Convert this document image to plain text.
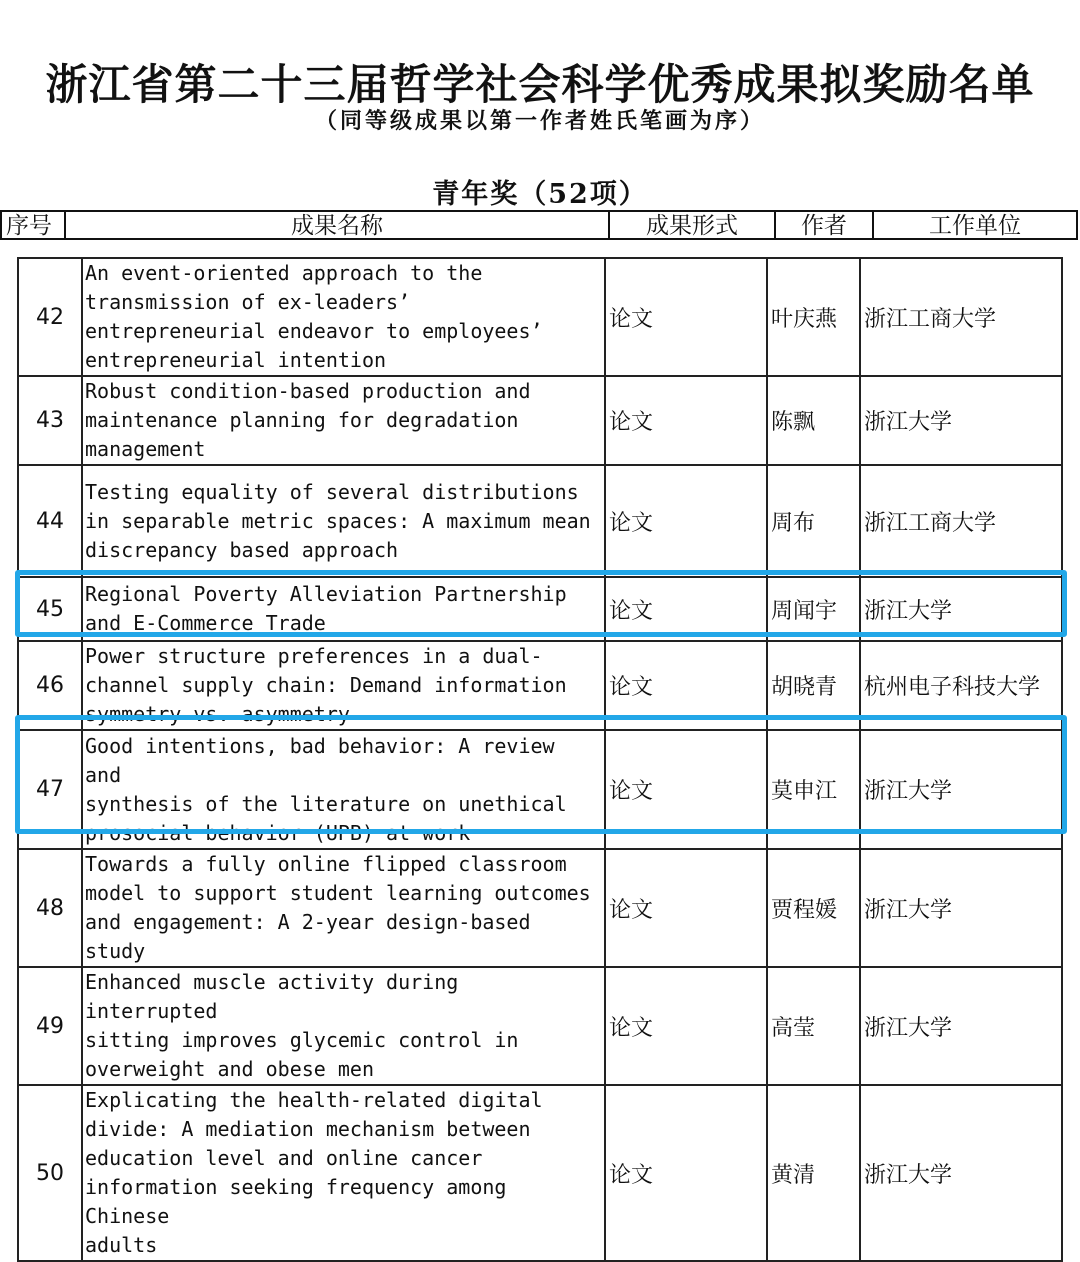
浙江省第二十三届哲学社会科学优秀成果拟奖励名单
（同等级成果以第一作者姓氏笔画为序）
青年奖（52项）
序号	成果名称	成果形式	作者	工作单位
42	An event-oriented approach to the
transmission of ex-leaders’
entrepreneurial endeavor to employees’
entrepreneurial intention	论文	叶庆燕	浙江工商大学
43	Robust condition-based production and
maintenance planning for degradation
management	论文	陈飘	浙江大学
44	Testing equality of several distributions
in separable metric spaces: A maximum mean
discrepancy based approach	论文	周布	浙江工商大学
45	Regional Poverty Alleviation Partnership
and E-Commerce Trade	论文	周闻宇	浙江大学
46	Power structure preferences in a dual-
channel supply chain: Demand information
symmetry vs. asymmetry	论文	胡晓青	杭州电子科技大学
47	Good intentions, bad behavior: A review and
synthesis of the literature on unethical
prosocial behavior (UPB) at work	论文	莫申江	浙江大学
48	Towards a fully online flipped classroom
model to support student learning outcomes
and engagement: A 2-year design-based study	论文	贾程媛	浙江大学
49	Enhanced muscle activity during interrupted
sitting improves glycemic control in
overweight and obese men	论文	高莹	浙江大学
50	Explicating the health-related digital
divide: A mediation mechanism between
education level and online cancer
information seeking frequency among Chinese
adults	论文	黄清	浙江大学
